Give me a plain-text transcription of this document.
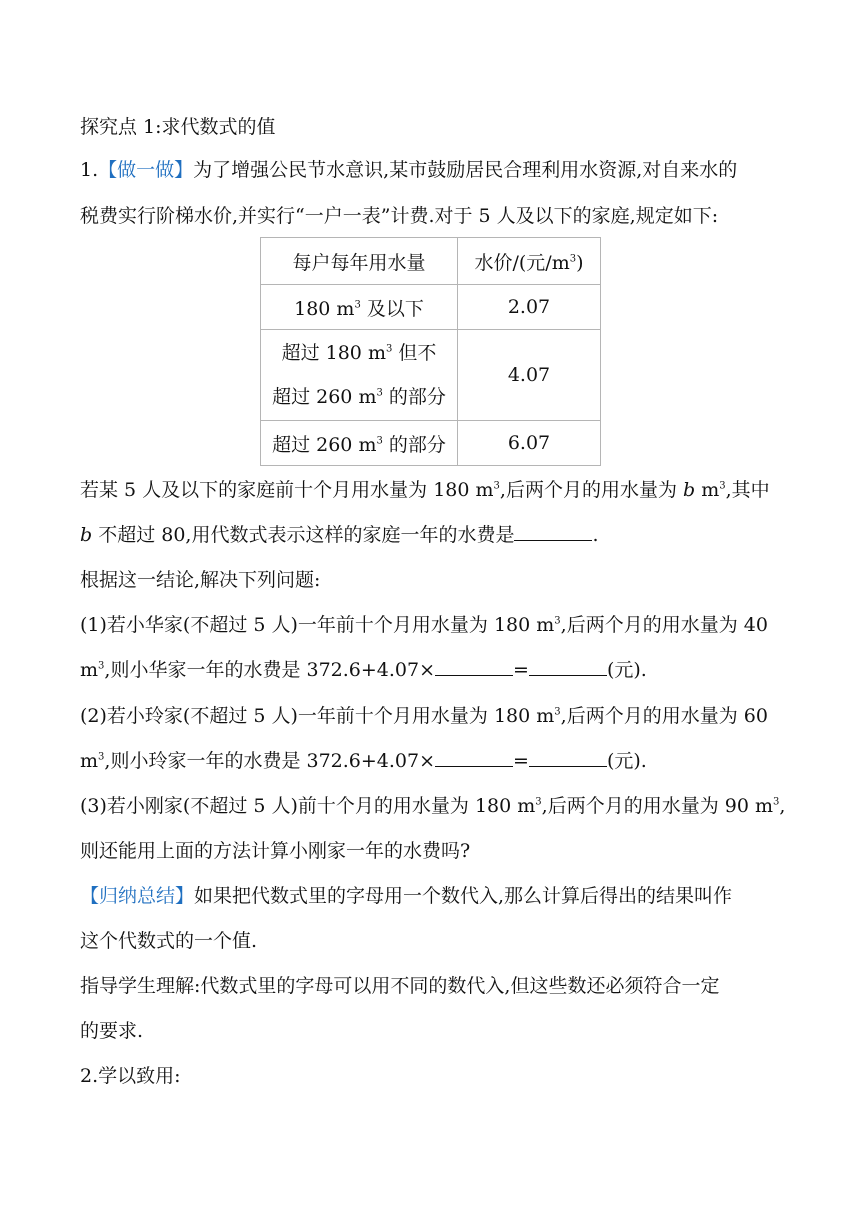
探究点 1:求代数式的值
1.【做一做】为了增强公民节水意识,某市鼓励居民合理利用水资源,对自来水的
税费实行阶梯水价,并实行“一户一表”计费.对于 5 人及以下的家庭,规定如下:
每户每年用水量	水价/(元$/m^3$)
180 $m^3$ 及以下	2.07
超过 180 $m^3$ 但不
超过 260 $m^3$ 的部分	4.07
超过 260 $m^3$ 的部分	6.07
若某 5 人及以下的家庭前十个月用水量为 180 $m^3$,后两个月的用水量为 b $m^3$,其中
b 不超过 80,用代数式表示这样的家庭一年的水费是	.
根据这一结论,解决下列问题:
(1)若小华家(不超过 5 人)一年前十个月用水量为 180 $m^3$,后两个月的用水量为 40
$m^3$,则小华家一年的水费是 372.6+4.07×	=	(元).
(2)若小玲家(不超过 5 人)一年前十个月用水量为 180 $m^3$,后两个月的用水量为 60
$m^3$,则小玲家一年的水费是 372.6+4.07×	=	(元).
(3)若小刚家(不超过 5 人)前十个月的用水量为 180 $m^3$,后两个月的用水量为 90 $m^3$,
则还能用上面的方法计算小刚家一年的水费吗?
【归纳总结】如果把代数式里的字母用一个数代入,那么计算后得出的结果叫作
这个代数式的一个值.
指导学生理解:代数式里的字母可以用不同的数代入,但这些数还必须符合一定
的要求.
2.学以致用:
